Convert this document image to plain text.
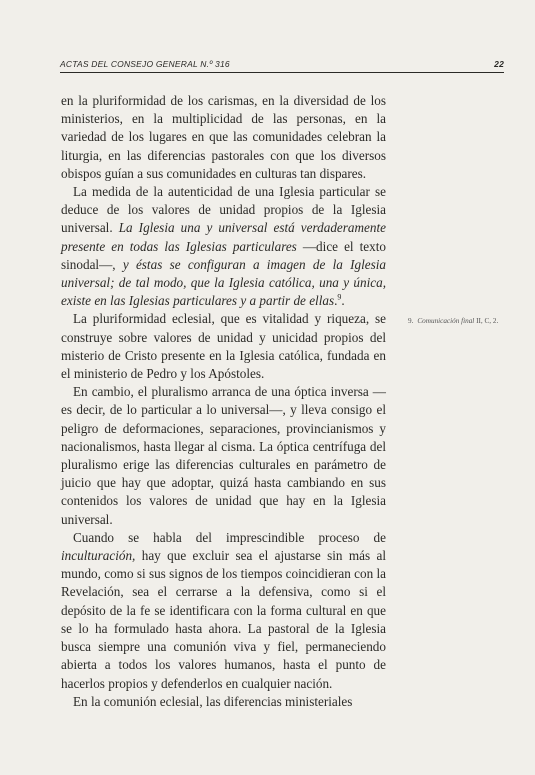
ACTAS DEL CONSEJO GENERAL N.º 316	22

en la pluriformidad de los carismas, en la diversidad de los ministerios, en la multiplicidad de las personas, en la variedad de los lugares en que las comunidades celebran la liturgia, en las diferencias pastorales con que los diversos obispos guían a sus comunidades en culturas tan dispares.

La medida de la autenticidad de una Iglesia particular se deduce de los valores de unidad propios de la Iglesia universal. La Iglesia una y universal está verdaderamente presente en todas las Iglesias particulares —dice el texto sinodal—, y éstas se configuran a imagen de la Iglesia universal; de tal modo, que la Iglesia católica, una y única, existe en las Iglesias particulares y a partir de ellas.$^9$.

La pluriformidad eclesial, que es vitalidad y riqueza, se construye sobre valores de unidad y unicidad propios del misterio de Cristo presente en la Iglesia católica, fundada en el ministerio de Pedro y los Apóstoles.

En cambio, el pluralismo arranca de una óptica inversa —es decir, de lo particular a lo universal—, y lleva consigo el peligro de deformaciones, separaciones, provincianismos y nacionalismos, hasta llegar al cisma. La óptica centrífuga del pluralismo erige las diferencias culturales en parámetro de juicio que hay que adoptar, quizá hasta cambiando en sus contenidos los valores de unidad que hay en la Iglesia universal.

Cuando se habla del imprescindible proceso de inculturación, hay que excluir sea el ajustarse sin más al mundo, como si sus signos de los tiempos coincidieran con la Revelación, sea el cerrarse a la defensiva, como si el depósito de la fe se identificara con la forma cultural en que se lo ha formulado hasta ahora. La pastoral de la Iglesia busca siempre una comunión viva y fiel, permaneciendo abierta a todos los valores humanos, hasta el punto de hacerlos propios y defenderlos en cualquier nación.

En la comunión eclesial, las diferencias ministeriales

9. Comunicación final II, C, 2.
